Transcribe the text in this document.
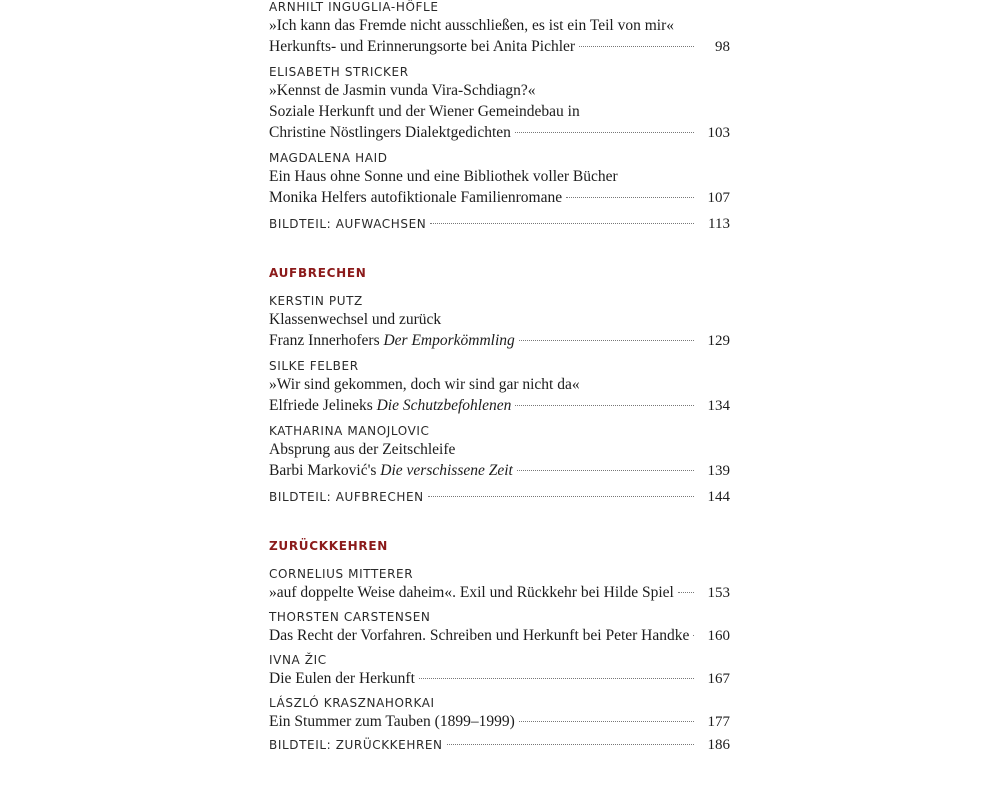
ARNHILT INGUGLIA-HÖFLE
»Ich kann das Fremde nicht ausschließen, es ist ein Teil von mir«
Herkunfts- und Erinnerungsorte bei Anita Pichler	98
ELISABETH STRICKER
»Kennst de Jasmin vunda Vira-Schdiagn?«
Soziale Herkunft und der Wiener Gemeindebau in
Christine Nöstlingers Dialektgedichten	103
MAGDALENA HAID
Ein Haus ohne Sonne und eine Bibliothek voller Bücher
Monika Helfers autofiktionale Familienromane	107
BILDTEIL: AUFWACHSEN	113
AUFBRECHEN
KERSTIN PUTZ
Klassenwechsel und zurück
Franz Innerhofers Der Emporkömmling	129
SILKE FELBER
»Wir sind gekommen, doch wir sind gar nicht da«
Elfriede Jelineks Die Schutzbefohlenen	134
KATHARINA MANOJLOVIC
Absprung aus der Zeitschleife
Barbi Marković's Die verschissene Zeit	139
BILDTEIL: AUFBRECHEN	144
ZURÜCKKEHREN
CORNELIUS MITTERER
»auf doppelte Weise daheim«. Exil und Rückkehr bei Hilde Spiel	153
THORSTEN CARSTENSEN
Das Recht der Vorfahren. Schreiben und Herkunft bei Peter Handke	160
IVNA ŽIC
Die Eulen der Herkunft	167
LÁSZLÓ KRASZNAHORKAI
Ein Stummer zum Tauben (1899–1999)	177
BILDTEIL: ZURÜCKKEHREN	186
